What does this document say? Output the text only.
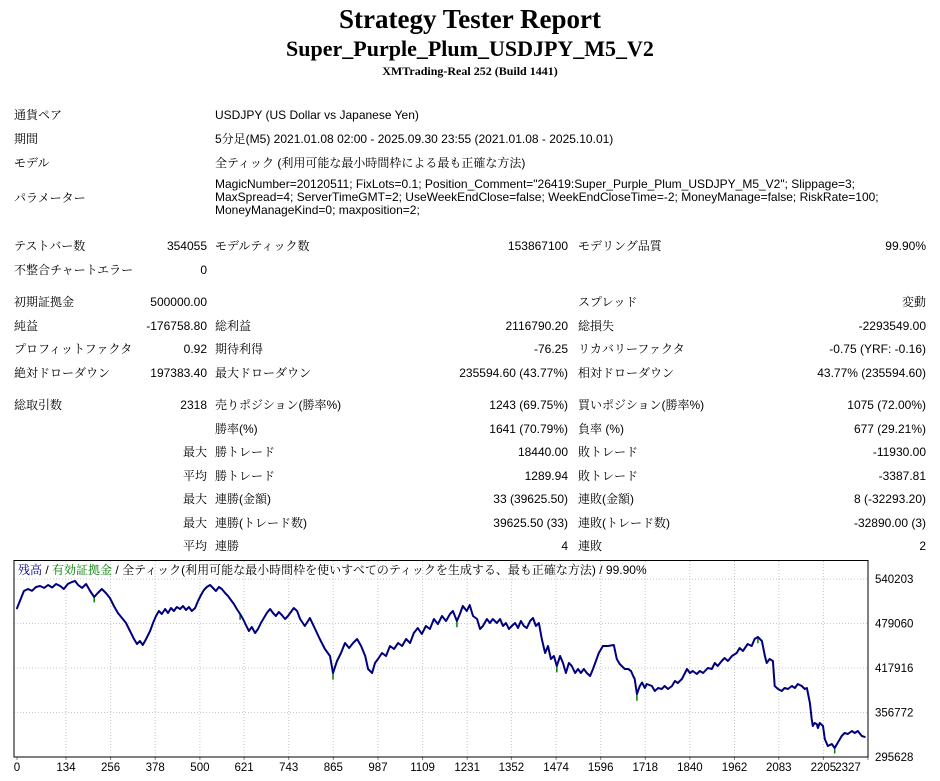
Strategy Tester Report
Super_Purple_Plum_USDJPY_M5_V2
XMTrading-Real 252 (Build 1441)
通貨ペア	USDJPY (US Dollar vs Japanese Yen)
期間	5分足(M5) 2021.01.08 02:00 - 2025.09.30 23:55 (2021.01.08 - 2025.10.01)
モデル	全ティック (利用可能な最小時間枠による最も正確な方法)
パラメーター
MagicNumber=20120511; FixLots=0.1; Position_Comment="26419:Super_Purple_Plum_USDJPY_M5_V2"; Slippage=3; MaxSpread=4; ServerTimeGMT=2; UseWeekEndClose=false; WeekEndCloseTime=-2; MoneyManage=false; RiskRate=100; MoneyManageKind=0; maxposition=2;
テストバー数	354055 モデルティック数	153867100 モデリング品質	99.90%
不整合チャートエラー	0
初期証拠金	500000.00	スプレッド	変動
純益	-176758.80 総利益	2116790.20 総損失	-2293549.00
プロフィットファクタ	0.92 期待利得	-76.25 リカバリーファクタ	-0.75 (YRF: -0.16)
絶対ドローダウン	197383.40 最大ドローダウン	235594.60 (43.77%) 相対ドローダウン	43.77% (235594.60)
総取引数	2318 売りポジション(勝率%)	1243 (69.75%) 買いポジション(勝率%)	1075 (72.00%)
勝率(%)	1641 (70.79%) 負率 (%)	677 (29.21%)
最大 勝トレード	18440.00 敗トレード	-11930.00
平均 勝トレード	1289.94 敗トレード	-3387.81
最大 連勝(金額)	33 (39625.50) 連敗(金額)	8 (-32293.20)
最大 連勝(トレード数)	39625.50 (33) 連敗(トレード数)	-32890.00 (3)
平均 連勝	4 連敗	2
残高 / 有効証拠金 / 全ティック(利用可能な最小時間枠を使いすべてのティックを生成する、最も正確な方法) / 99.90%
540203
479060
417916
356772
295628
0	134 256 378 500 621 743 865 987 1109 1231 1352 1474 1596 1718 1840 1962 2083 2205 2327
